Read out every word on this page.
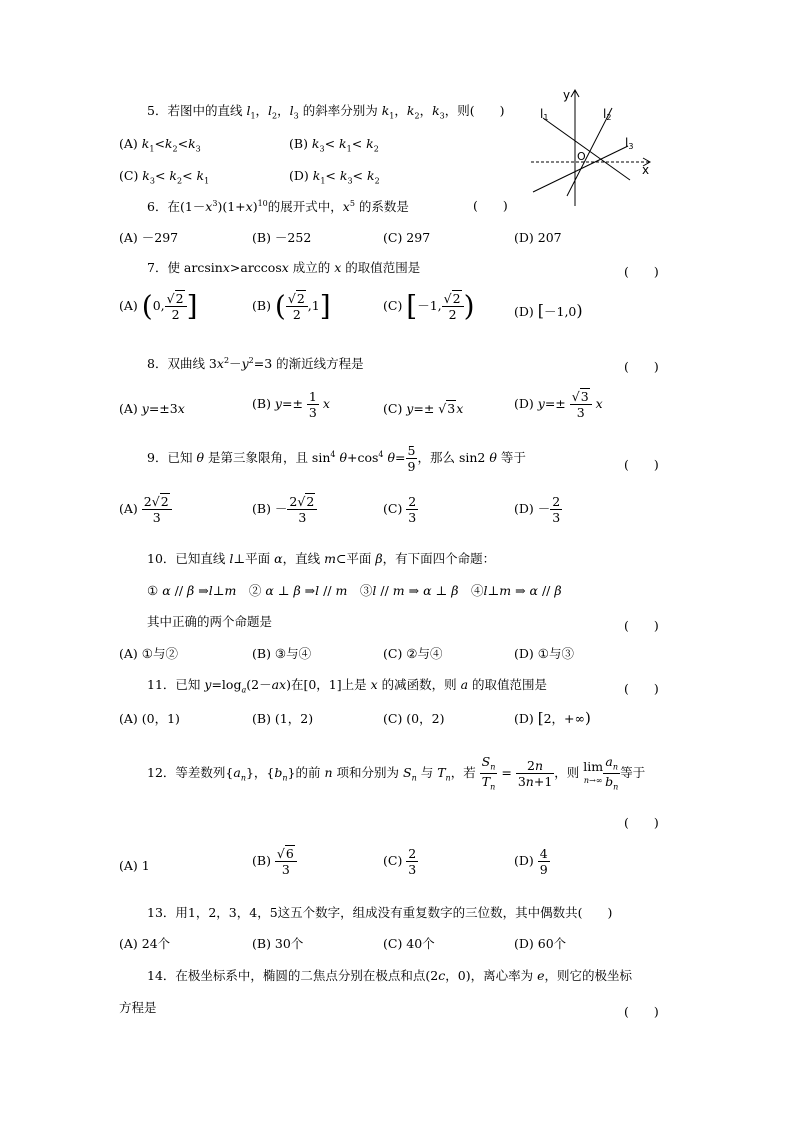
5．若图中的直线 $l_1$，$l_2$，$l_3$ 的斜率分别为 $k_1$，$k_2$，$k_3$，则(　　)
(A) $k_1<k_2<k_3$	(B) $k_3< k_1< k_2$
(C) $k_3< k_2< k_1$	(D) $k_1< k_3< k_2$
y
l1	l2
l3
O
x
6．在$(1-x^3)(1+x)^{10}$的展开式中，$x^5$ 的系数是	(　　)
(A) －297	(B) －252	(C) 297	(D) 207
7．使 arcsinx>arccosx 成立的 x 的取值范围是	(　　)
(A) (0, $\frac{√2}{2}$ ]	(B) ( $\frac{√2}{2} ,1$]	(C) [－1, $\frac{√2}{2}$ )	(D) [－1,0)
8．双曲线 $3x^2-y^2=3$ 的渐近线方程是	(　　)
(A) y=±3x	(B) $y=\pm \frac{1}{3}$ x	(C) y=± √3x	(D) $y=\pm \frac{√3}{3}$ x
9．已知 θ 是第三象限角，且 $\sin^4 \theta+\cos^4$ $\theta= \frac{5}{9}$ ，那么 sin2 θ 等于	(　　)
$(A) \frac{2√2}{3}$	$(B) - \frac{2√2}{3}$	$(C) \frac{2}{3}$	$(D) - \frac{2}{3}$
10．已知直线 l⊥平面 α，直线 m⊂平面 β，有下面四个命题：
① α // β ⇒l⊥m　② α ⊥ β ⇒l // m　③l // m ⇒ α ⊥ β　④l⊥m ⇒ α // β
其中正确的两个命题是	(　　)
(A) ①与②	(B) ③与④	(C) ②与④	(D) ①与③
11．已知 $y=\log_a(2-ax)$在[0，1]上是 x 的减函数，则 a 的取值范围是	(　　)
(A) (0，1)	(B) (1，2)	(C) (0，2)	(D) [2，+∞)
12．等差数列$\{a_n\}$，$\{b_n\}$的前 n 项和分别为 $S_n$ 与 $T_n$，若 $\frac{S_n}{T_n} = \frac{2n}{3n+1}$ ，则 lim
$n\to\infty \frac{a_n}{b_n}$ 等于
(　　)
(A) 1	$(B) \frac{√6}{3}$	$(C) \frac{2}{3}$	$(D) \frac{4}{9}$
13．用1，2，3，4，5这五个数字，组成没有重复数字的三位数，其中偶数共(　　)
(A) 24个	(B) 30个	(C) 40个	(D) 60个
14．在极坐标系中，椭圆的二焦点分别在极点和点(2c，0)，离心率为 e，则它的极坐标
方程是	(　　)
